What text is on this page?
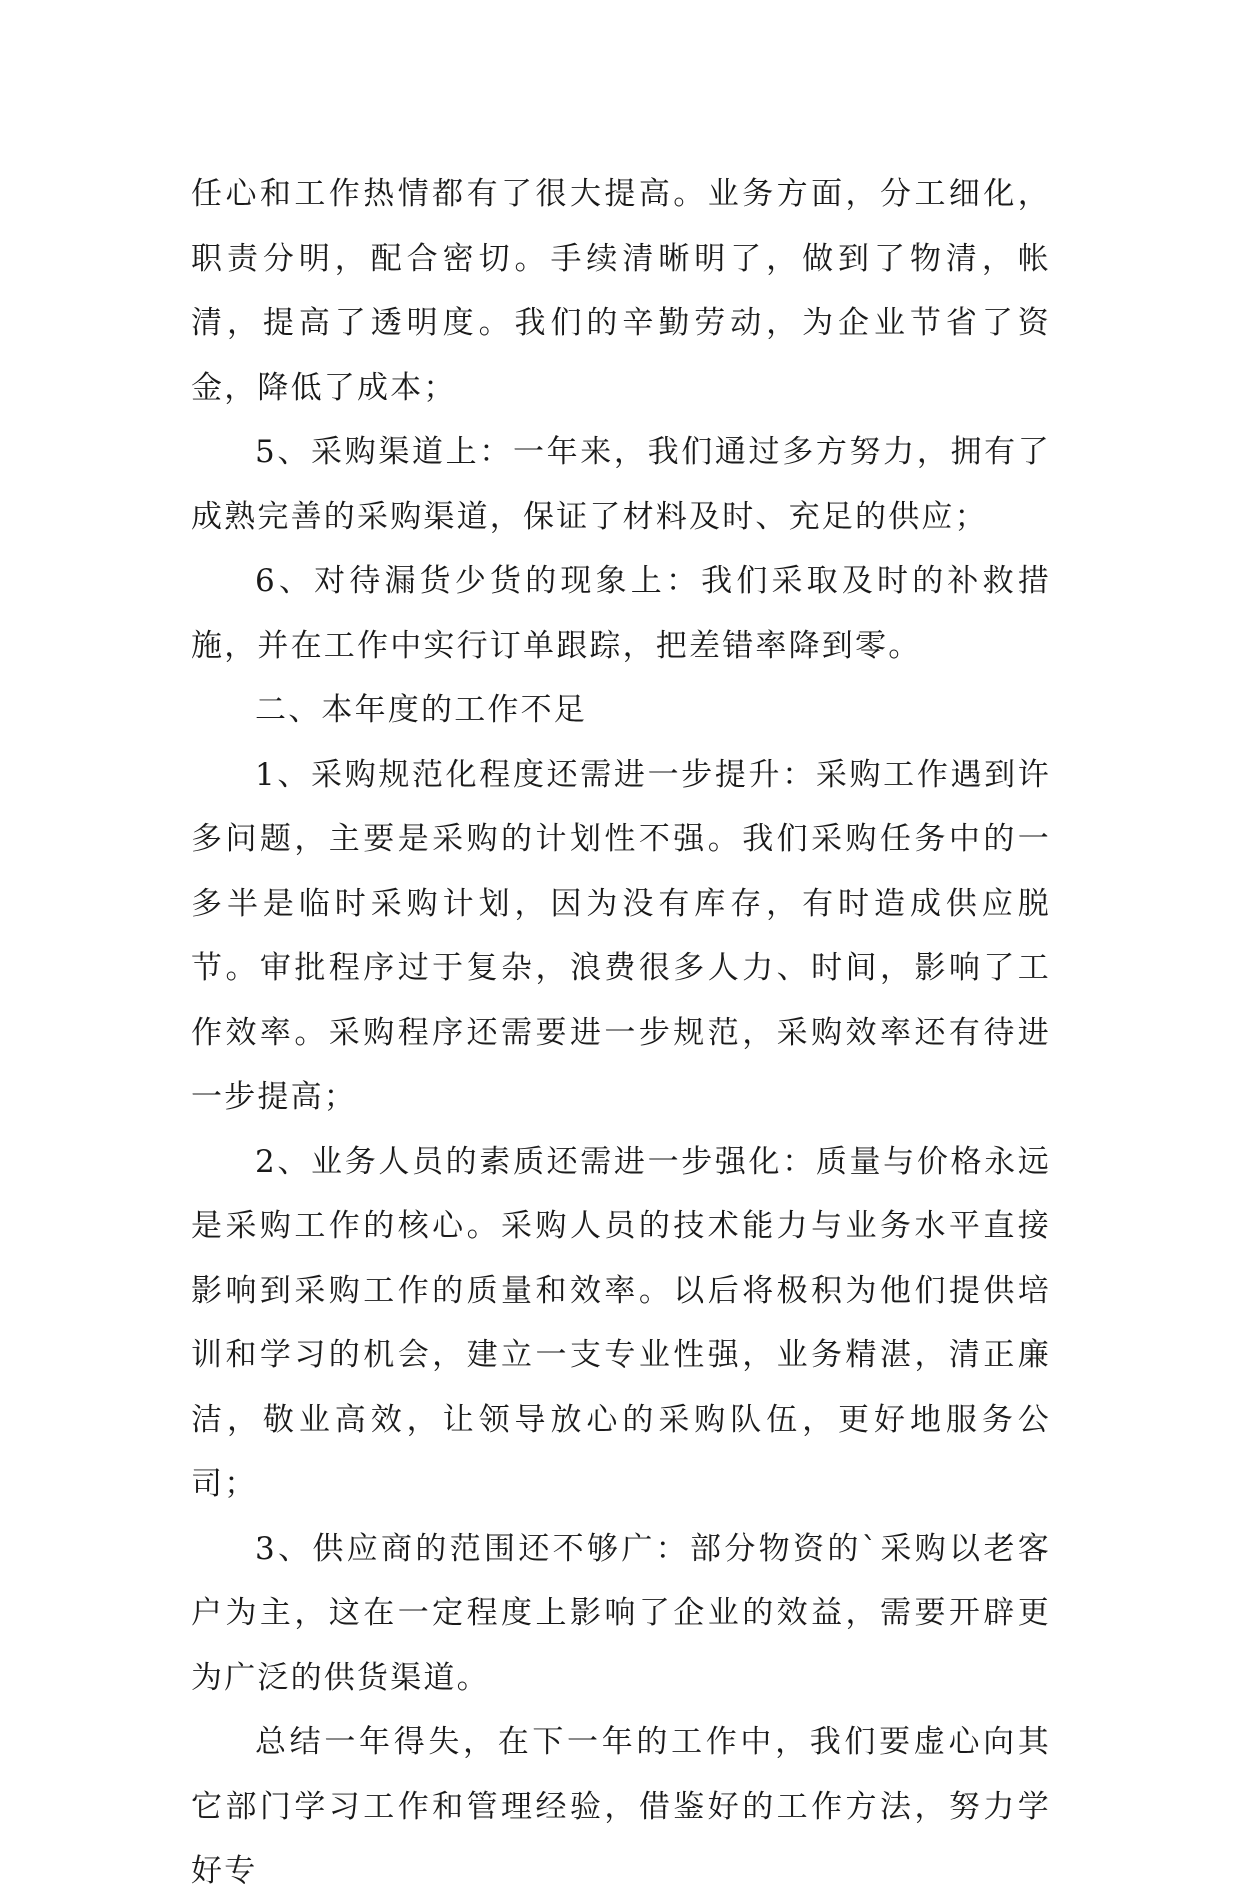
任心和工作热情都有了很大提高。业务方面，分工细化，职责分明，配合密切。手续清晰明了，做到了物清，帐清，提高了透明度。我们的辛勤劳动，为企业节省了资金，降低了成本；

5、采购渠道上：一年来，我们通过多方努力，拥有了成熟完善的采购渠道，保证了材料及时、充足的供应；

6、对待漏货少货的现象上：我们采取及时的补救措施，并在工作中实行订单跟踪，把差错率降到零。

二、本年度的工作不足

1、采购规范化程度还需进一步提升：采购工作遇到许多问题，主要是采购的计划性不强。我们采购任务中的一多半是临时采购计划，因为没有库存，有时造成供应脱节。审批程序过于复杂，浪费很多人力、时间，影响了工作效率。采购程序还需要进一步规范，采购效率还有待进一步提高；

2、业务人员的素质还需进一步强化：质量与价格永远是采购工作的核心。采购人员的技术能力与业务水平直接影响到采购工作的质量和效率。以后将极积为他们提供培训和学习的机会，建立一支专业性强，业务精湛，清正廉洁，敬业高效，让领导放心的采购队伍，更好地服务公司；

3、供应商的范围还不够广：部分物资的`采购以老客户为主，这在一定程度上影响了企业的效益，需要开辟更为广泛的供货渠道。

总结一年得失，在下一年的工作中，我们要虚心向其它部门学习工作和管理经验，借鉴好的工作方法，努力学好专
